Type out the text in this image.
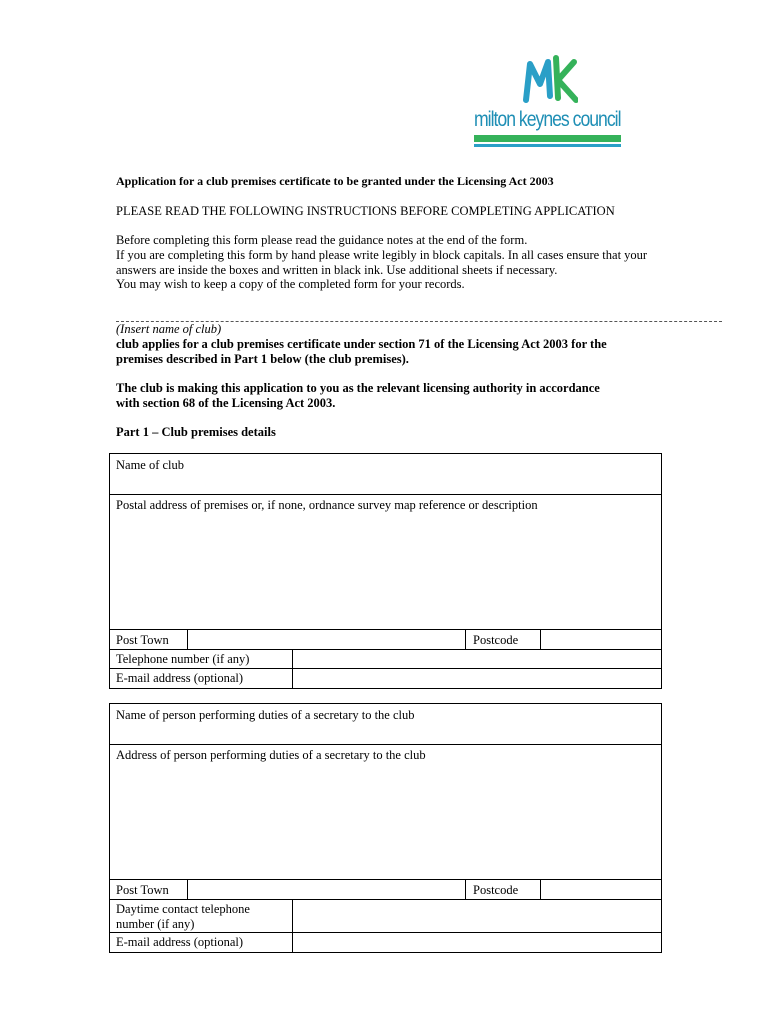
milton keynes council
Application for a club premises certificate to be granted under the Licensing Act 2003
PLEASE READ THE FOLLOWING INSTRUCTIONS BEFORE COMPLETING APPLICATION
Before completing this form please read the guidance notes at the end of the form.
If you are completing this form by hand please write legibly in block capitals. In all cases ensure that your
answers are inside the boxes and written in black ink. Use additional sheets if necessary.
You may wish to keep a copy of the completed form for your records.
(Insert name of club)
club applies for a club premises certificate under section 71 of the Licensing Act 2003 for the
premises described in Part 1 below (the club premises).
The club is making this application to you as the relevant licensing authority in accordance
with section 68 of the Licensing Act 2003.
Part 1 – Club premises details
Name of club
Postal address of premises or, if none, ordnance survey map reference or description
Post Town	Postcode
Telephone number (if any)
E-mail address (optional)
Name of person performing duties of a secretary to the club
Address of person performing duties of a secretary to the club
Post Town	Postcode
Daytime contact telephone
number (if any)
E-mail address (optional)
